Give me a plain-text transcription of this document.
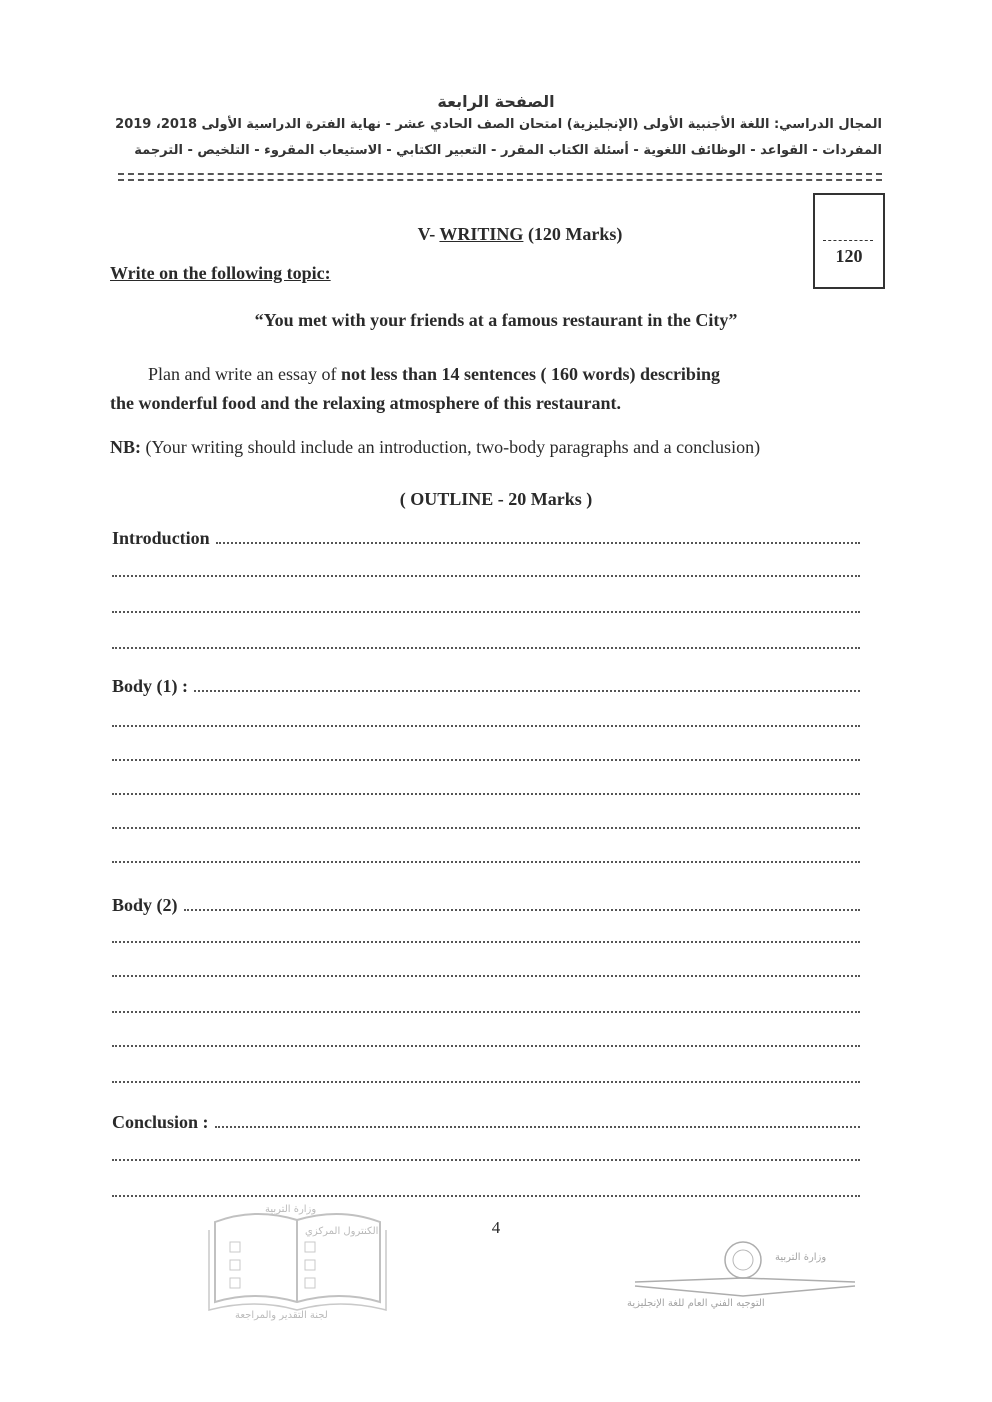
الصفحة الرابعة
المجال الدراسي: اللغة الأجنبية الأولى (الإنجليزية) امتحان الصف الحادي عشر - نهاية الفترة الدراسية الأولى 2018، 2019
المفردات - القواعد - الوظائف اللغوية - أسئلة الكتاب المقرر - التعبير الكتابي - الاستيعاب المقروء - التلخيص - الترجمة
120
V- WRITING (120 Marks)
Write on the following topic:
“You met with your friends at a famous restaurant in the City”
Plan and write an essay of not less than 14 sentences ( 160 words) describing
the wonderful food and the relaxing atmosphere of this restaurant.
NB: (Your writing should include an introduction, two-body paragraphs and a conclusion)
( OUTLINE - 20 Marks )
Introduction
Body (1) :
Body (2)
Conclusion :
4
وزارة التربية
الكنترول المركزي
لجنة التقدير والمراجعة
وزارة التربية
التوجيه الفني العام للغة الإنجليزية
